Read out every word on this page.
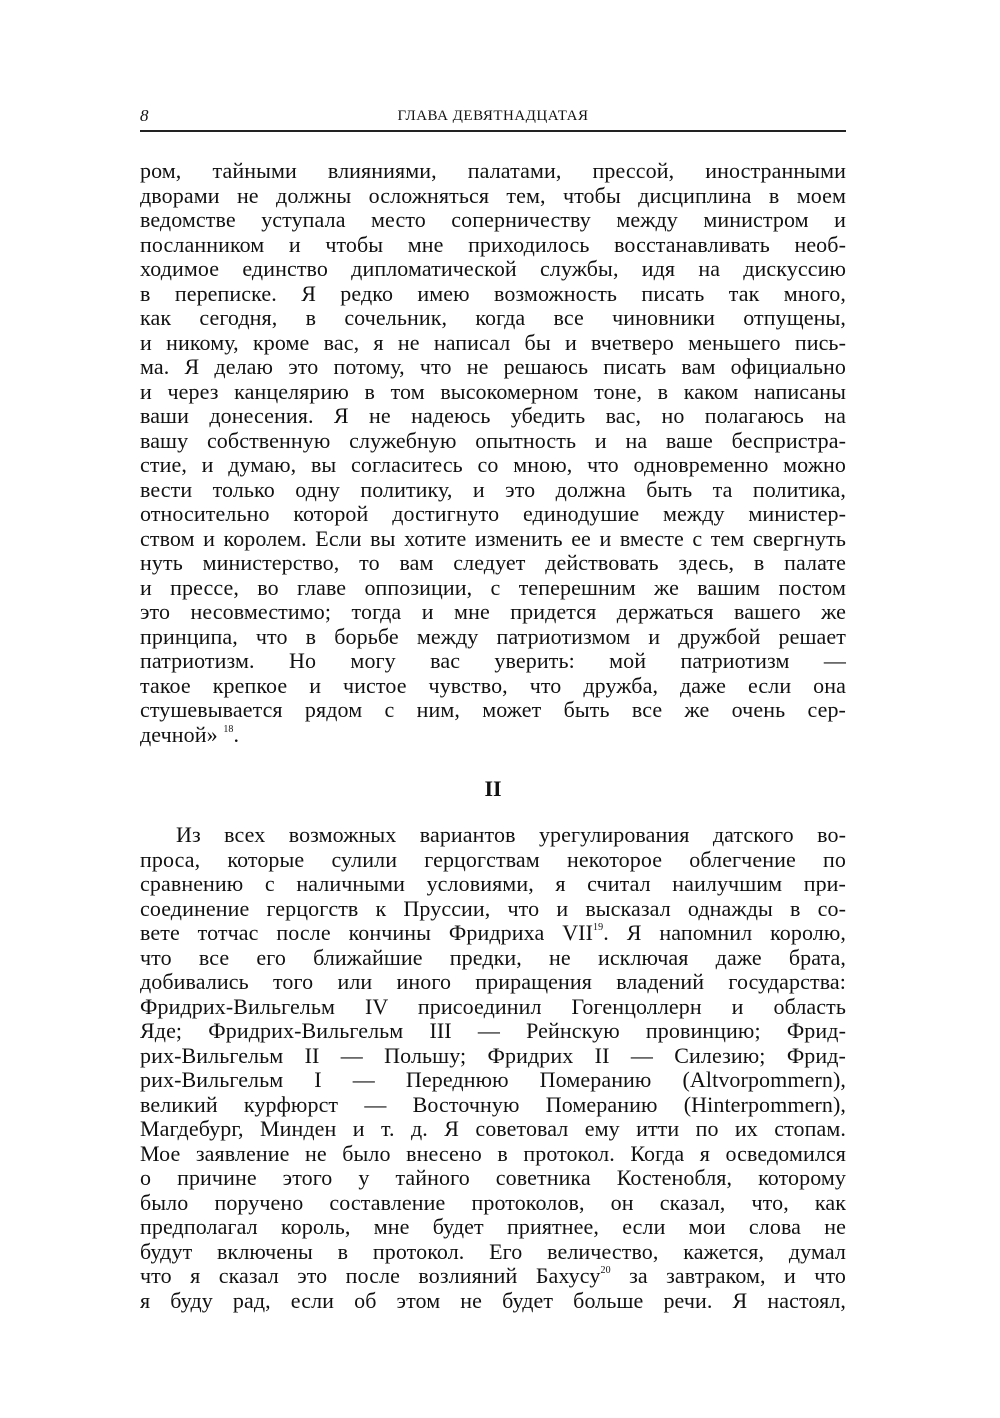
8	ГЛАВА ДЕВЯТНАДЦАТАЯ
ром, тайными влияниями, палатами, прессой, иностранными
дворами не должны осложняться тем, чтобы дисциплина в моем
ведомстве уступала место соперничеству между министром и
посланником и чтобы мне приходилось восстанавливать необ-
ходимое единство дипломатической службы, идя на дискуссию
в переписке. Я редко имею возможность писать так много,
как сегодня, в сочельник, когда все чиновники отпущены,
и никому, кроме вас, я не написал бы и вчетверо меньшего пись-
ма. Я делаю это потому, что не решаюсь писать вам официально
и через канцелярию в том высокомерном тоне, в каком написаны
ваши донесения. Я не надеюсь убедить вас, но полагаюсь на
вашу собственную служебную опытность и на ваше беспристра-
стие, и думаю, вы согласитесь со мною, что одновременно можно
вести только одну политику, и это должна быть та политика,
относительно которой достигнуто единодушие между министер-
ством и королем. Если вы хотите изменить ее и вместе с тем свергнуть
нуть министерство, то вам следует действовать здесь, в палате
и прессе, во главе оппозиции, с теперешним же вашим постом
это несовместимо; тогда и мне придется держаться вашего же
принципа, что в борьбе между патриотизмом и дружбой решает
патриотизм. Но могу вас уверить: мой патриотизм —
такое крепкое и чистое чувство, что дружба, даже если она
стушевывается рядом с ним, может быть все же очень сер-
дечной» $^{18}$.
II
Из всех возможных вариантов урегулирования датского во-
проса, которые сулили герцогствам некоторое облегчение по
сравнению с наличными условиями, я считал наилучшим при-
соединение герцогств к Пруссии, что и высказал однажды в со-
вете тотчас после кончины Фридриха VII$^{19}$. Я напомнил королю,
что все его ближайшие предки, не исключая даже брата,
добивались того или иного приращения владений государства:
Фридрих-Вильгельм IV присоединил Гогенцоллерн и область
Яде; Фридрих-Вильгельм III — Рейнскую провинцию; Фрид-
рих-Вильгельм II — Польшу; Фридрих II — Силезию; Фрид-
рих-Вильгельм I — Переднюю Померанию (Altvorpommern),
великий курфюрст — Восточную Померанию (Hinterpommern),
Магдебург, Минден и т. д. Я советовал ему итти по их стопам.
Мое заявление не было внесено в протокол. Когда я осведомился
о причине этого у тайного советника Костенобля, которому
было поручено составление протоколов, он сказал, что, как
предполагал король, мне будет приятнее, если мои слова не
будут включены в протокол. Его величество, кажется, думал
что я сказал это после возлияний Бахусу$^{20}$ за завтраком, и что
я буду рад, если об этом не будет больше речи. Я настоял,
